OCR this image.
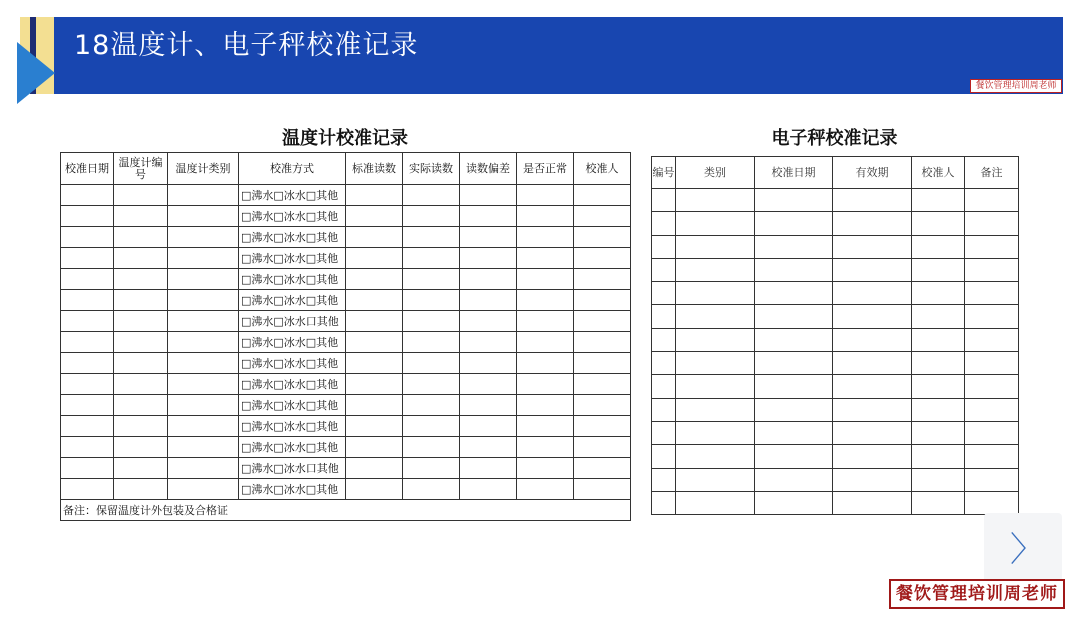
18温度计、电子秤校准记录
餐饮管理培训周老师
温度计校准记录
校准日期	温度计编号	温度计类别	校准方式	标准读数	实际读数	读数偏差	是否正常	校准人
			□沸水□冰水□其他					
			□沸水□冰水□其他					
			□沸水□冰水□其他					
			□沸水□冰水□其他					
			□沸水□冰水□其他					
			□沸水□冰水□其他					
			□沸水□冰水口其他					
			□沸水□冰水□其他					
			□沸水□冰水□其他					
			□沸水□冰水□其他					
			□沸水□冰水□其他					
			□沸水□冰水□其他					
			□沸水□冰水□其他					
			□沸水□冰水口其他					
			□沸水□冰水□其他					
备注：保留温度计外包装及合格证								
电子秤校准记录
编号	类别	校准日期	有效期	校准人	备注

〉
餐饮管理培训周老师
